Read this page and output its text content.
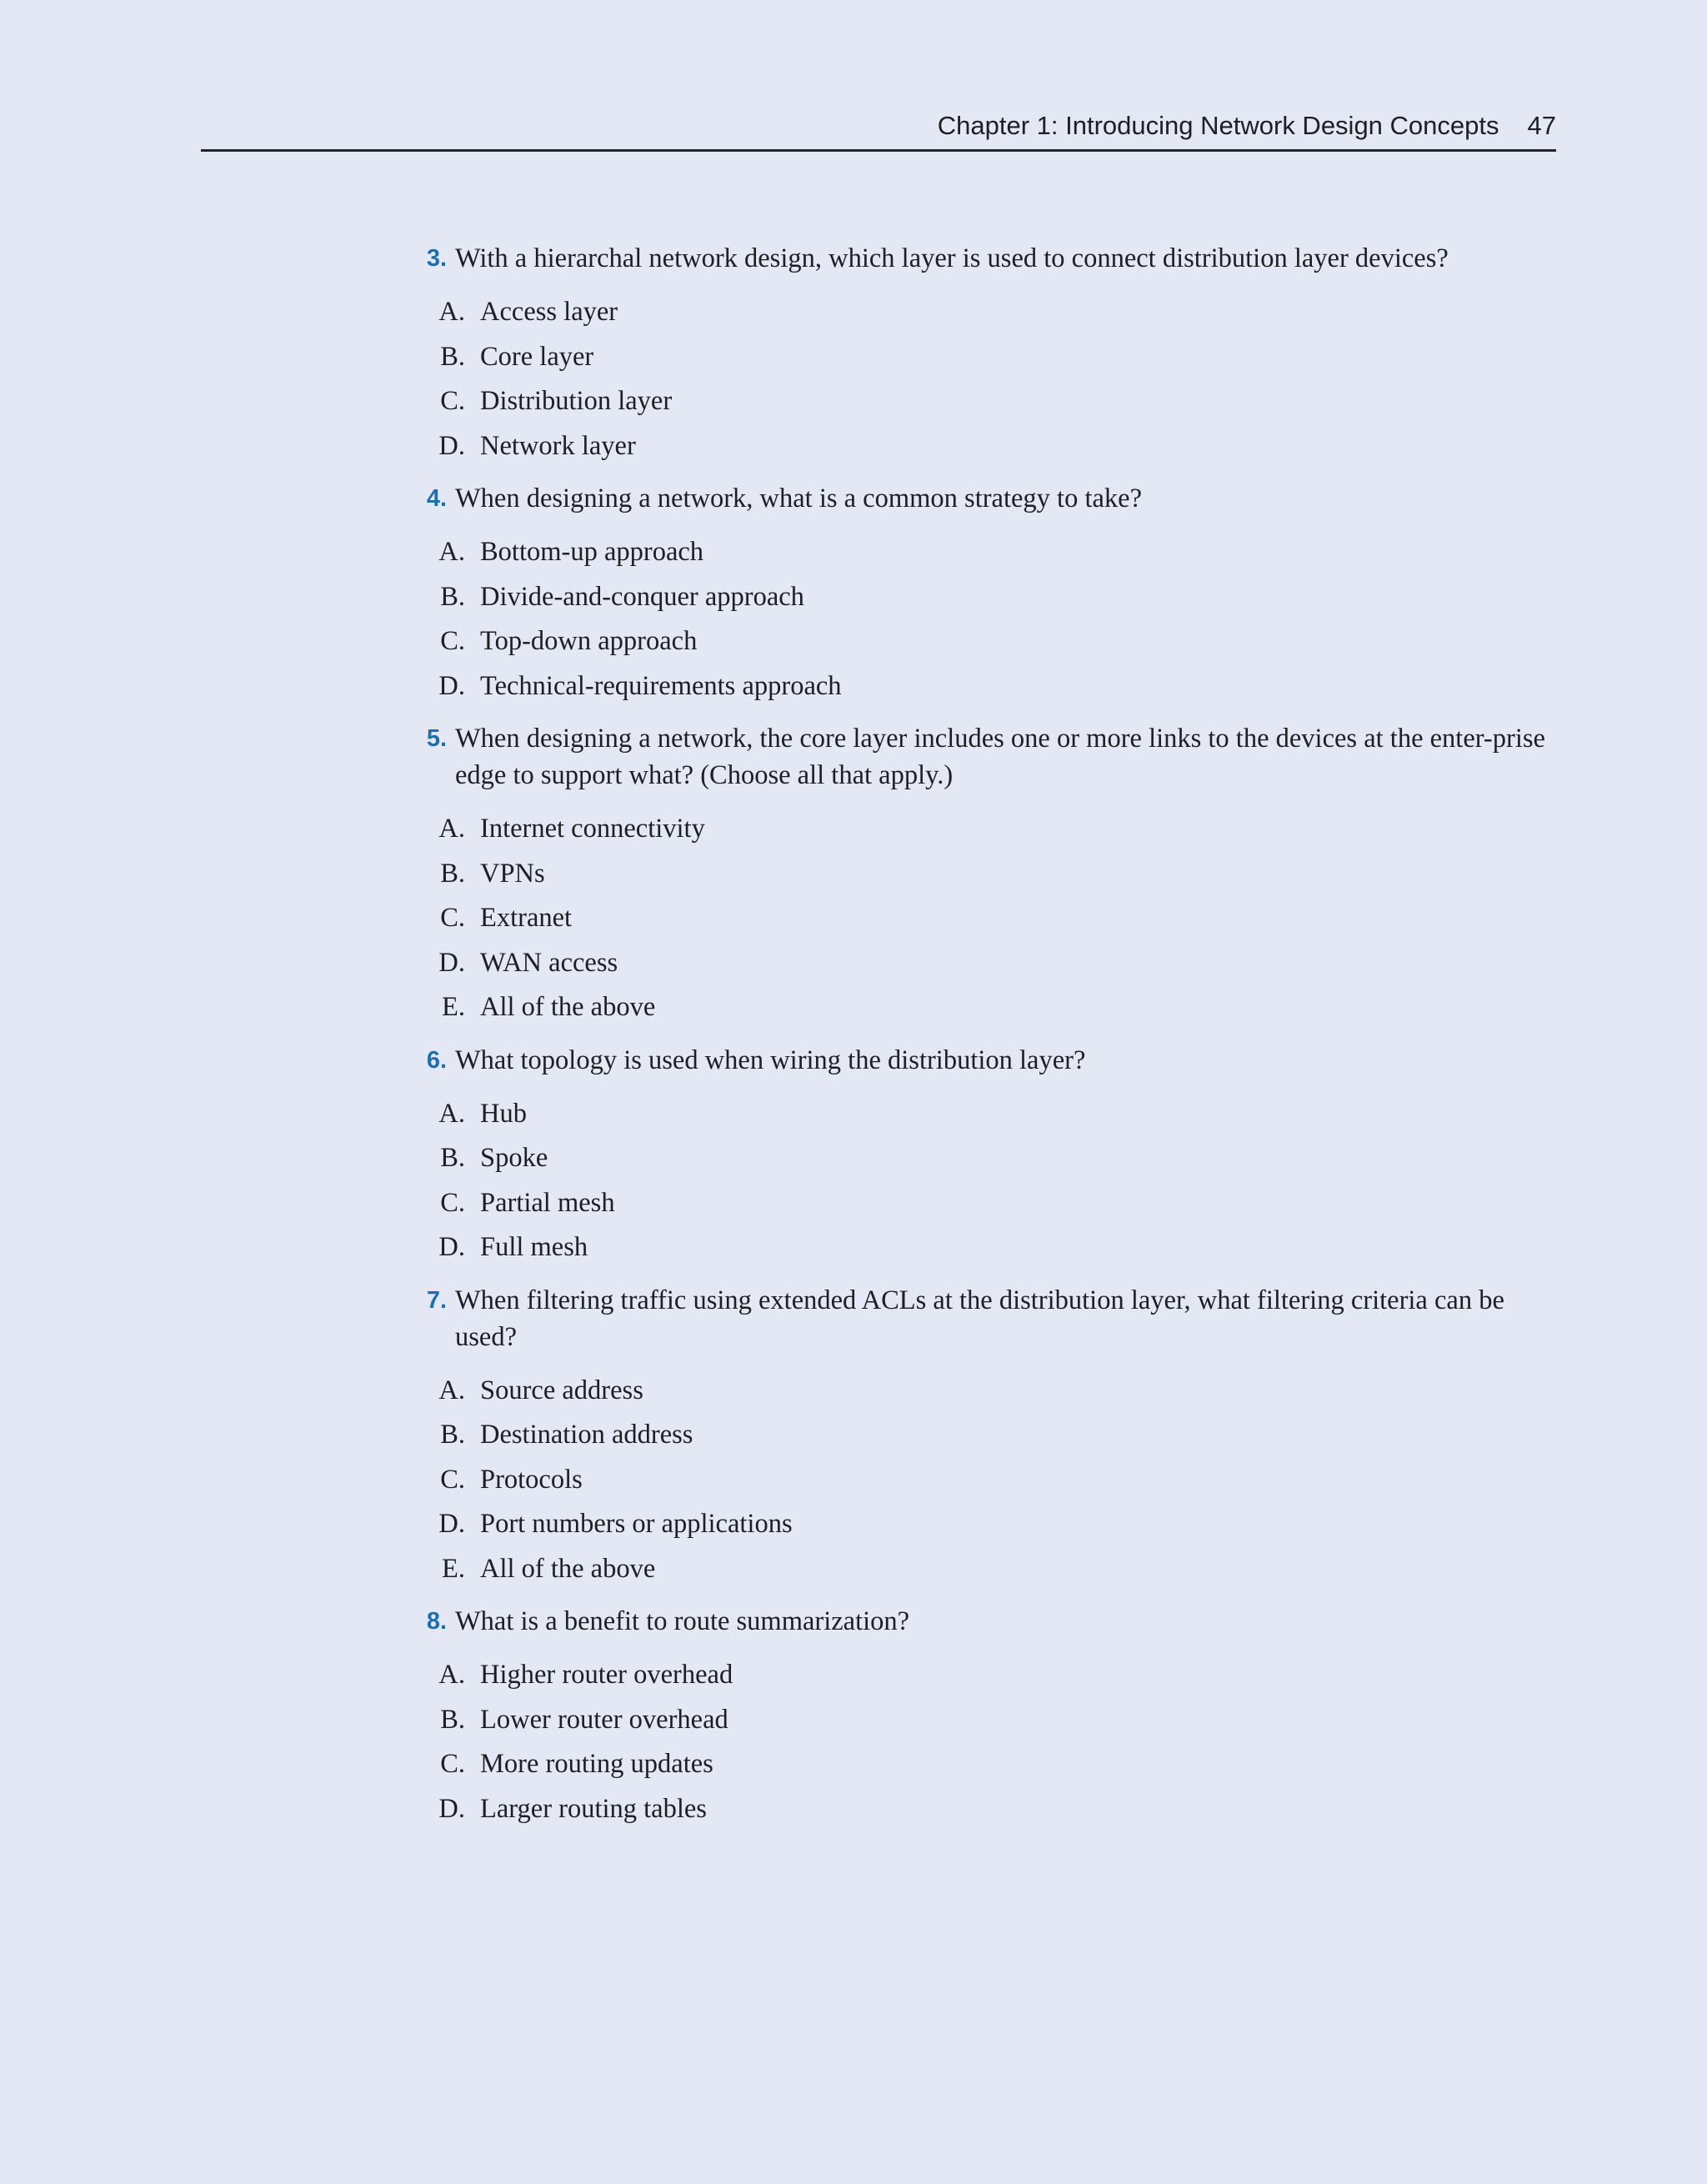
Chapter 1: Introducing Network Design Concepts 47
3. With a hierarchal network design, which layer is used to connect distribution layer devices?
A. Access layer
B. Core layer
C. Distribution layer
D. Network layer
4. When designing a network, what is a common strategy to take?
A. Bottom-up approach
B. Divide-and-conquer approach
C. Top-down approach
D. Technical-requirements approach
5. When designing a network, the core layer includes one or more links to the devices at the enter-prise edge to support what? (Choose all that apply.)
A. Internet connectivity
B. VPNs
C. Extranet
D. WAN access
E. All of the above
6. What topology is used when wiring the distribution layer?
A. Hub
B. Spoke
C. Partial mesh
D. Full mesh
7. When filtering traffic using extended ACLs at the distribution layer, what filtering criteria can be used?
A. Source address
B. Destination address
C. Protocols
D. Port numbers or applications
E. All of the above
8. What is a benefit to route summarization?
A. Higher router overhead
B. Lower router overhead
C. More routing updates
D. Larger routing tables
